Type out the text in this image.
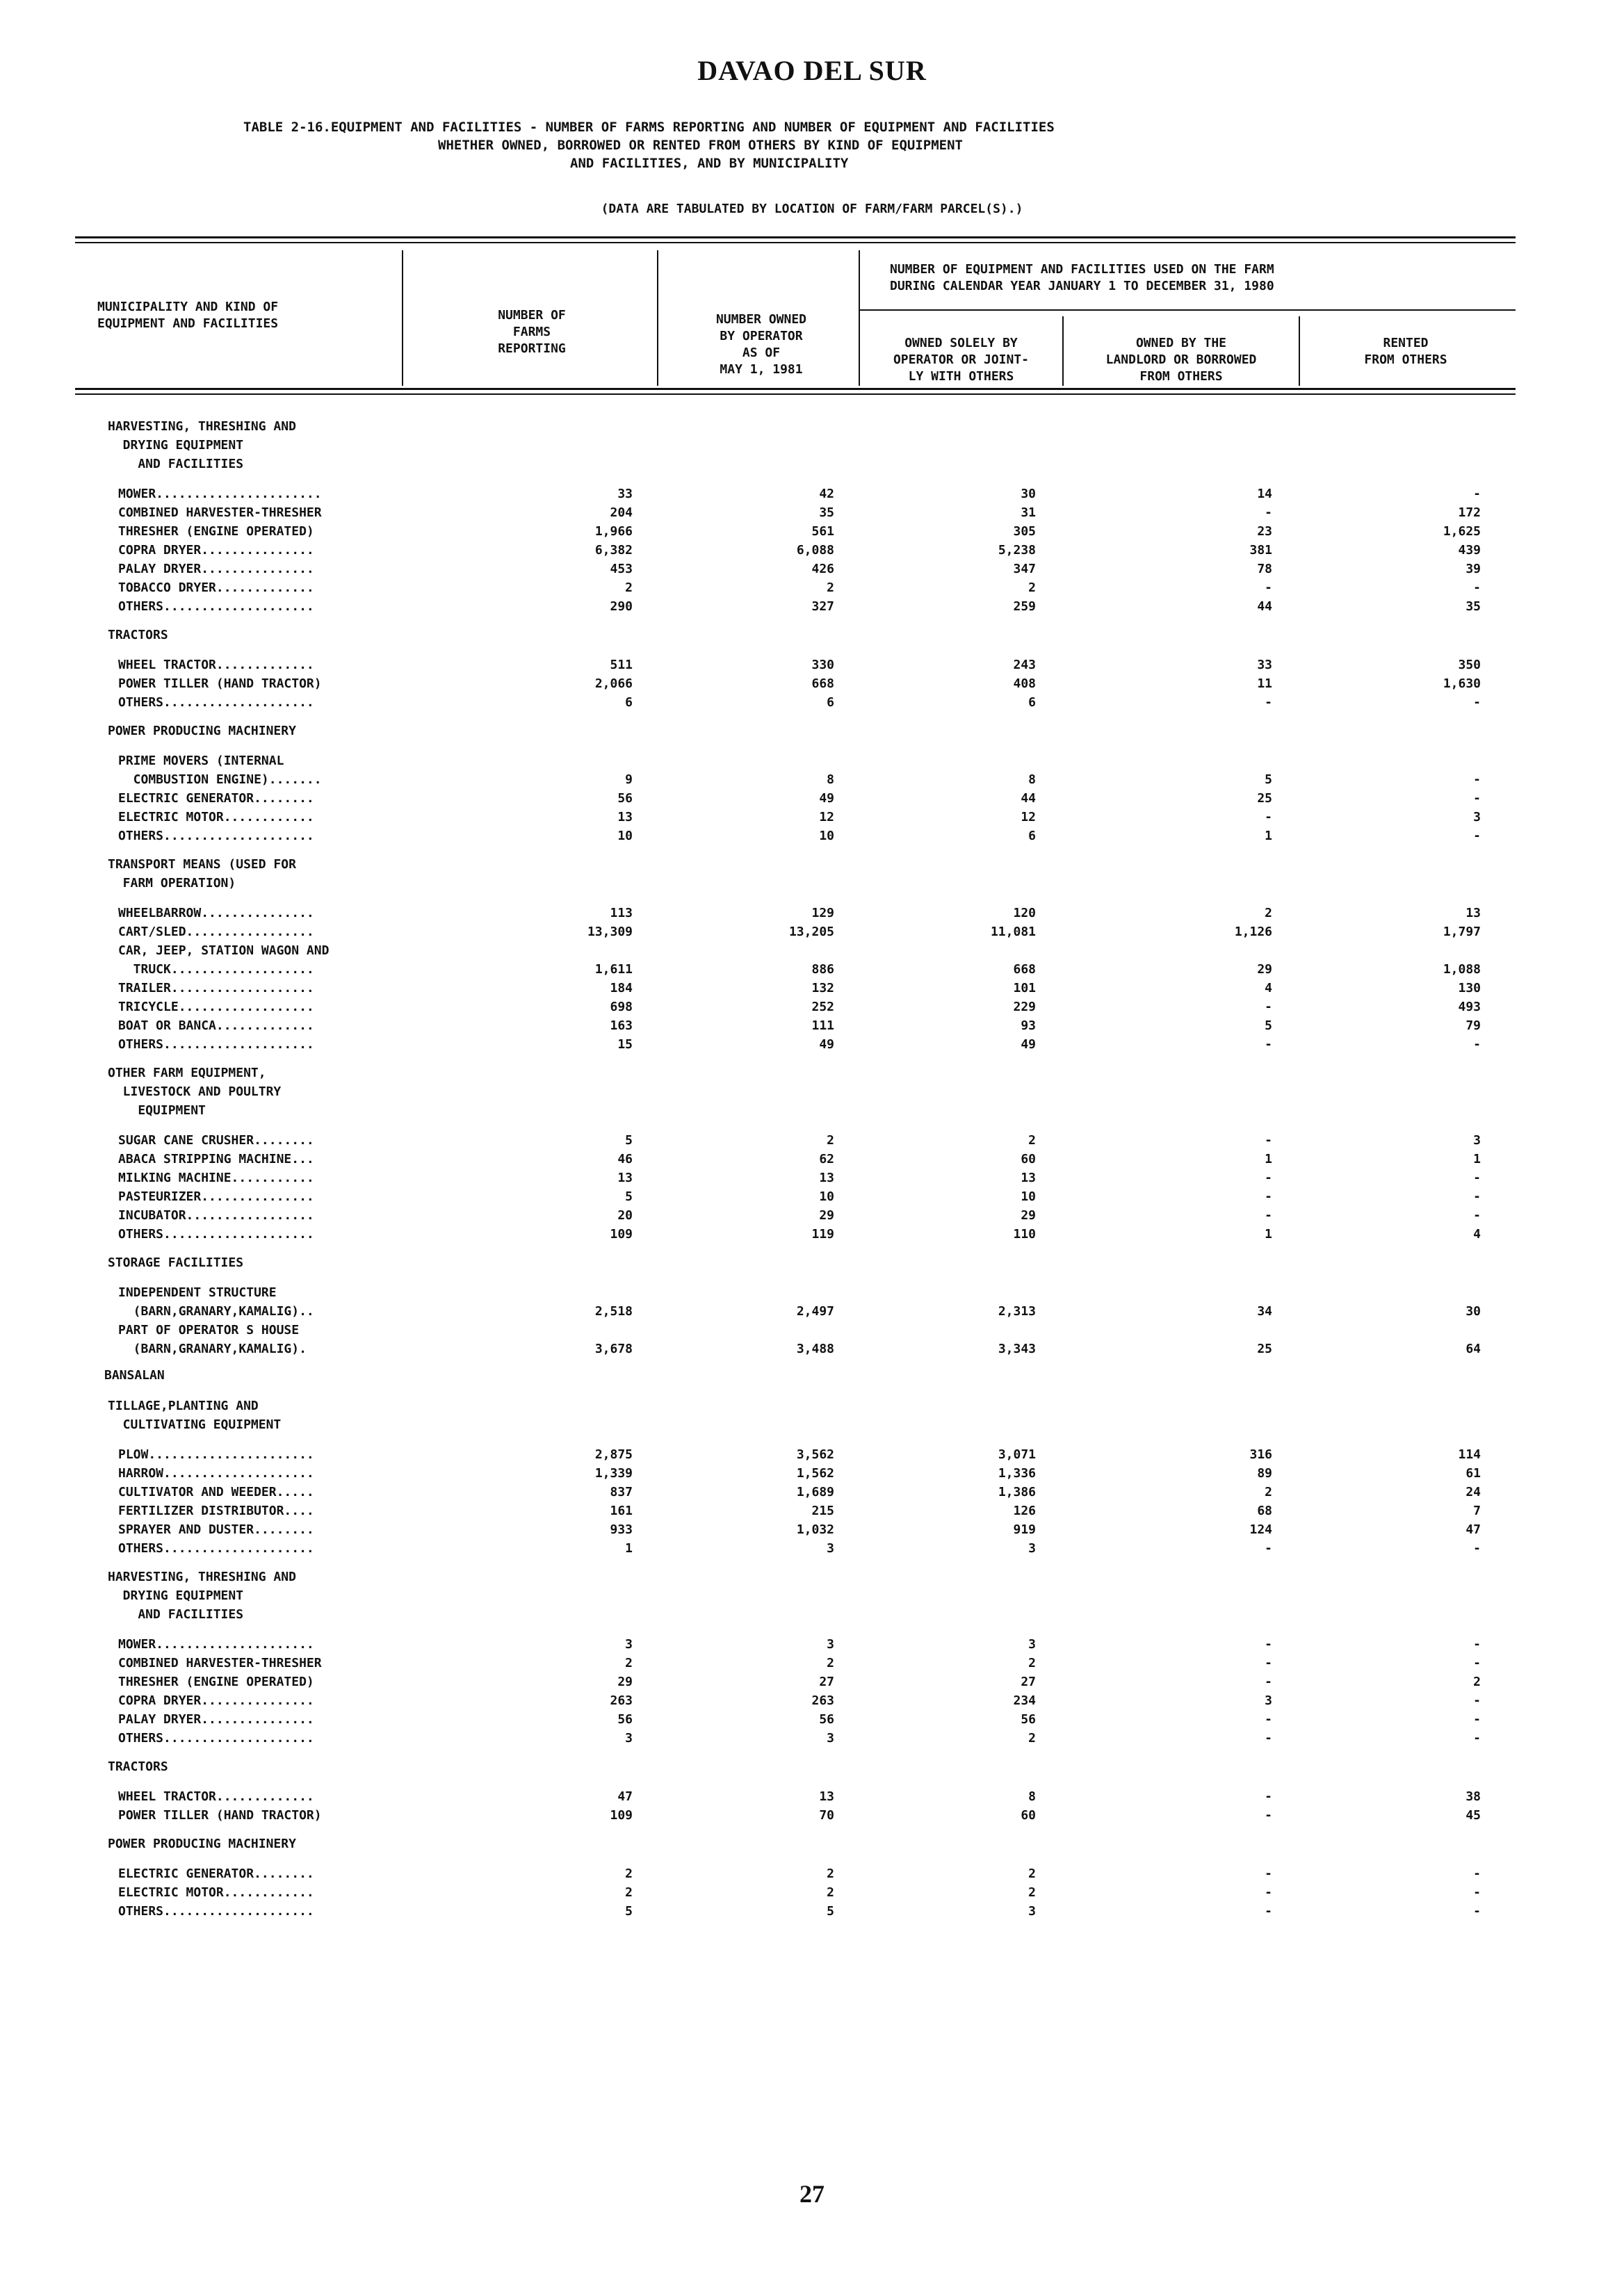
DAVAO DEL SUR
TABLE 2-16.EQUIPMENT AND FACILITIES - NUMBER OF FARMS REPORTING AND NUMBER OF EQUIPMENT AND FACILITIES
WHETHER OWNED, BORROWED OR RENTED FROM OTHERS BY KIND OF EQUIPMENT
AND FACILITIES, AND BY MUNICIPALITY
(DATA ARE TABULATED BY LOCATION OF FARM/FARM PARCEL(S).)
MUNICIPALITY AND KIND OF
EQUIPMENT AND FACILITIES
NUMBER OF
FARMS
REPORTING
NUMBER OWNED
BY OPERATOR
AS OF
MAY 1, 1981
NUMBER OF EQUIPMENT AND FACILITIES USED ON THE FARM
DURING CALENDAR YEAR JANUARY 1 TO DECEMBER 31, 1980
OWNED SOLELY BY
OPERATOR OR JOINT-
LY WITH OTHERS
OWNED BY THE
LANDLORD OR BORROWED
FROM OTHERS
RENTED
FROM OTHERS
HARVESTING, THRESHING AND
DRYING EQUIPMENT
AND FACILITIES
MOWER......................	33	42	30	14	-
COMBINED HARVESTER-THRESHER	204	35	31	-	172
THRESHER (ENGINE OPERATED)	1,966	561	305	23	1,625
COPRA DRYER...............	6,382	6,088	5,238	381	439
PALAY DRYER...............	453	426	347	78	39
TOBACCO DRYER.............	2	2	2	-	-
OTHERS....................	290	327	259	44	35
TRACTORS
WHEEL TRACTOR.............	511	330	243	33	350
POWER TILLER (HAND TRACTOR)	2,066	668	408	11	1,630
OTHERS....................	6	6	6	-	-
POWER PRODUCING MACHINERY
PRIME MOVERS (INTERNAL
COMBUSTION ENGINE).......	9	8	8	5	-
ELECTRIC GENERATOR........	56	49	44	25	-
ELECTRIC MOTOR............	13	12	12	-	3
OTHERS....................	10	10	6	1	-
TRANSPORT MEANS (USED FOR
FARM OPERATION)
WHEELBARROW...............	113	129	120	2	13
CART/SLED.................	13,309	13,205	11,081	1,126	1,797
CAR, JEEP, STATION WAGON AND
TRUCK...................	1,611	886	668	29	1,088
TRAILER...................	184	132	101	4	130
TRICYCLE..................	698	252	229	-	493
BOAT OR BANCA.............	163	111	93	5	79
OTHERS....................	15	49	49	-	-
OTHER FARM EQUIPMENT,
LIVESTOCK AND POULTRY
EQUIPMENT
SUGAR CANE CRUSHER........	5	2	2	-	3
ABACA STRIPPING MACHINE...	46	62	60	1	1
MILKING MACHINE...........	13	13	13	-	-
PASTEURIZER...............	5	10	10	-	-
INCUBATOR.................	20	29	29	-	-
OTHERS....................	109	119	110	1	4
STORAGE FACILITIES
INDEPENDENT STRUCTURE
(BARN,GRANARY,KAMALIG)..	2,518	2,497	2,313	34	30
PART OF OPERATOR S HOUSE
(BARN,GRANARY,KAMALIG).	3,678	3,488	3,343	25	64
BANSALAN
TILLAGE,PLANTING AND
CULTIVATING EQUIPMENT
PLOW......................	2,875	3,562	3,071	316	114
HARROW....................	1,339	1,562	1,336	89	61
CULTIVATOR AND WEEDER.....	837	1,689	1,386	2	24
FERTILIZER DISTRIBUTOR....	161	215	126	68	7
SPRAYER AND DUSTER........	933	1,032	919	124	47
OTHERS....................	1	3	3	-	-
HARVESTING, THRESHING AND
DRYING EQUIPMENT
AND FACILITIES
MOWER.....................	3	3	3	-	-
COMBINED HARVESTER-THRESHER	2	2	2	-	-
THRESHER (ENGINE OPERATED)	29	27	27	-	2
COPRA DRYER...............	263	263	234	3	-
PALAY DRYER...............	56	56	56	-	-
OTHERS....................	3	3	2	-	-
TRACTORS
WHEEL TRACTOR.............	47	13	8	-	38
POWER TILLER (HAND TRACTOR)	109	70	60	-	45
POWER PRODUCING MACHINERY
ELECTRIC GENERATOR........	2	2	2	-	-
ELECTRIC MOTOR............	2	2	2	-	-
OTHERS....................	5	5	3	-	-
27
